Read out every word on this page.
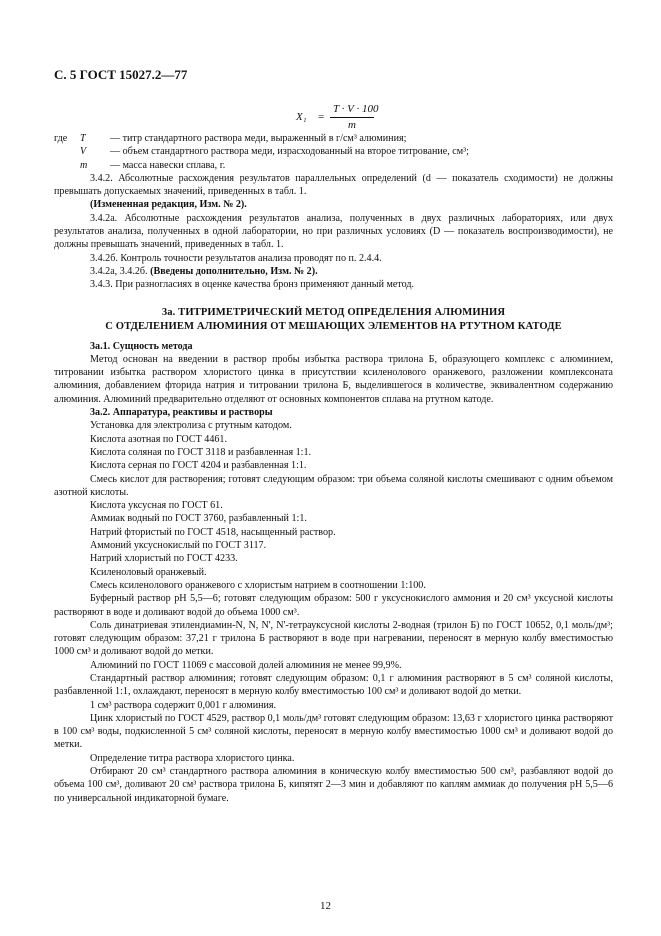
С. 5 ГОСТ 15027.2—77
X₁ =
T · V · 100
m
где	T	— титр стандартного раствора меди, выраженный в г/см³ алюминия;
V	— объем стандартного раствора меди, израсходованный на второе титрование, см³;
m	— масса навески сплава, г.

3.4.2. Абсолютные расхождения результатов параллельных определений (d — показатель сходимости) не должны превышать допускаемых значений, приведенных в табл. 1.

(Измененная редакция, Изм. № 2).

3.4.2а. Абсолютные расхождения результатов анализа, полученных в двух различных лабораториях, или двух результатов анализа, полученных в одной лаборатории, но при различных условиях (D — показатель воспроизводимости), не должны превышать значений, приведенных в табл. 1.

3.4.2б. Контроль точности результатов анализа проводят по п. 2.4.4.

3.4.2а, 3.4.2б. (Введены дополнительно, Изм. № 2).

3.4.3. При разногласиях в оценке качества бронз применяют данный метод.

3а. ТИТРИМЕТРИЧЕСКИЙ МЕТОД ОПРЕДЕЛЕНИЯ АЛЮМИНИЯ
С ОТДЕЛЕНИЕМ АЛЮМИНИЯ ОТ МЕШАЮЩИХ ЭЛЕМЕНТОВ НА РТУТНОМ КАТОДЕ

3а.1. Сущность метода

Метод основан на введении в раствор пробы избытка раствора трилона Б, образующего комплекс с алюминием, титровании избытка раствором хлористого цинка в присутствии ксиленолового оранжевого, разложении комплексоната алюминия, добавлением фторида натрия и титровании трилона Б, выделившегося в количестве, эквивалентном содержанию алюминия. Алюминий предварительно отделяют от основных компонентов сплава на ртутном катоде.

3а.2. Аппаратура, реактивы и растворы

Установка для электролиза с ртутным катодом.

Кислота азотная по ГОСТ 4461.

Кислота соляная по ГОСТ 3118 и разбавленная 1:1.

Кислота серная по ГОСТ 4204 и разбавленная 1:1.

Смесь кислот для растворения; готовят следующим образом: три объема соляной кислоты смешивают с одним объемом азотной кислоты.

Кислота уксусная по ГОСТ 61.

Аммиак водный по ГОСТ 3760, разбавленный 1:1.

Натрий фтористый по ГОСТ 4518, насыщенный раствор.

Аммоний уксуснокислый по ГОСТ 3117.

Натрий хлористый по ГОСТ 4233.

Ксиленоловый оранжевый.

Смесь ксиленолового оранжевого с хлористым натрием в соотношении 1:100.

Буферный раствор pH 5,5—6; готовят следующим образом: 500 г уксуснокислого аммония и 20 см³ уксусной кислоты растворяют в воде и доливают водой до объема 1000 см³.

Соль динатриевая этилендиамин-N, N, N', N'-тетрауксусной кислоты 2-водная (трилон Б) по ГОСТ 10652, 0,1 моль/дм³; готовят следующим образом: 37,21 г трилона Б растворяют в воде при нагревании, переносят в мерную колбу вместимостью 1000 см³ и доливают водой до метки.

Алюминий по ГОСТ 11069 с массовой долей алюминия не менее 99,9%.

Стандартный раствор алюминия; готовят следующим образом: 0,1 г алюминия растворяют в 5 см³ соляной кислоты, разбавленной 1:1, охлаждают, переносят в мерную колбу вместимостью 100 см³ и доливают водой до метки.

1 см³ раствора содержит 0,001 г алюминия.

Цинк хлористый по ГОСТ 4529, раствор 0,1 моль/дм³ готовят следующим образом: 13,63 г хлористого цинка растворяют в 100 см³ воды, подкисленной 5 см³ соляной кислоты, переносят в мерную колбу вместимостью 1000 см³ и доливают водой до метки.

Определение титра раствора хлористого цинка.

Отбирают 20 см³ стандартного раствора алюминия в коническую колбу вместимостью 500 см³, разбавляют водой до объема 100 см³, доливают 20 см³ раствора трилона Б, кипятят 2—3 мин и добавляют по каплям аммиак до получения pH 5,5—6 по универсальной индикаторной бумаге.

12
